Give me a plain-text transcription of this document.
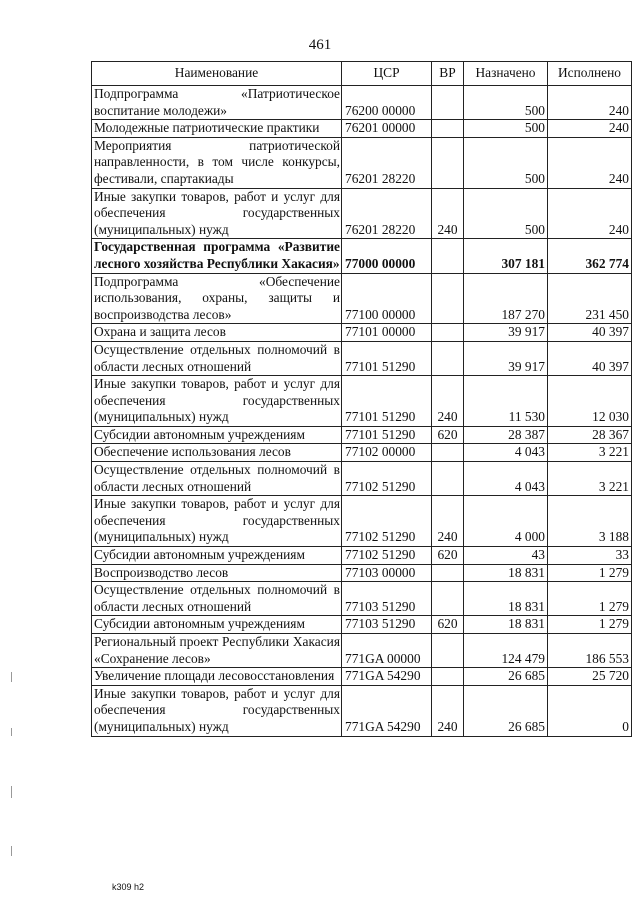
461
Наименование	ЦСР	ВР	Назначено	Исполнено
Подпрограмма «Патриотическое воспитание молодежи»	76200 00000		500	240
Молодежные патриотические практики	76201 00000		500	240
Мероприятия патриотической направленности, в том числе конкурсы, фестивали, спартакиады	76201 28220		500	240
Иные закупки товаров, работ и услуг для обеспечения государственных (муниципальных) нужд	76201 28220	240	500	240
Государственная программа «Развитие лесного хозяйства Республики Хакасия»	77000 00000		307 181	362 774
Подпрограмма «Обеспечение использования, охраны, защиты и воспроизводства лесов»	77100 00000		187 270	231 450
Охрана и защита лесов	77101 00000		39 917	40 397
Осуществление отдельных полномочий в области лесных отношений	77101 51290		39 917	40 397
Иные закупки товаров, работ и услуг для обеспечения государственных (муниципальных) нужд	77101 51290	240	11 530	12 030
Субсидии автономным учреждениям	77101 51290	620	28 387	28 367
Обеспечение использования лесов	77102 00000		4 043	3 221
Осуществление отдельных полномочий в области лесных отношений	77102 51290		4 043	3 221
Иные закупки товаров, работ и услуг для обеспечения государственных (муниципальных) нужд	77102 51290	240	4 000	3 188
Субсидии автономным учреждениям	77102 51290	620	43	33
Воспроизводство лесов	77103 00000		18 831	1 279
Осуществление отдельных полномочий в области лесных отношений	77103 51290		18 831	1 279
Субсидии автономным учреждениям	77103 51290	620	18 831	1 279
Региональный проект Республики Хакасия «Сохранение лесов»	771GA 00000		124 479	186 553
Увеличение площади лесовосстановления	771GA 54290		26 685	25 720
Иные закупки товаров, работ и услуг для обеспечения государственных (муниципальных) нужд	771GA 54290	240	26 685	0
k309 h2
